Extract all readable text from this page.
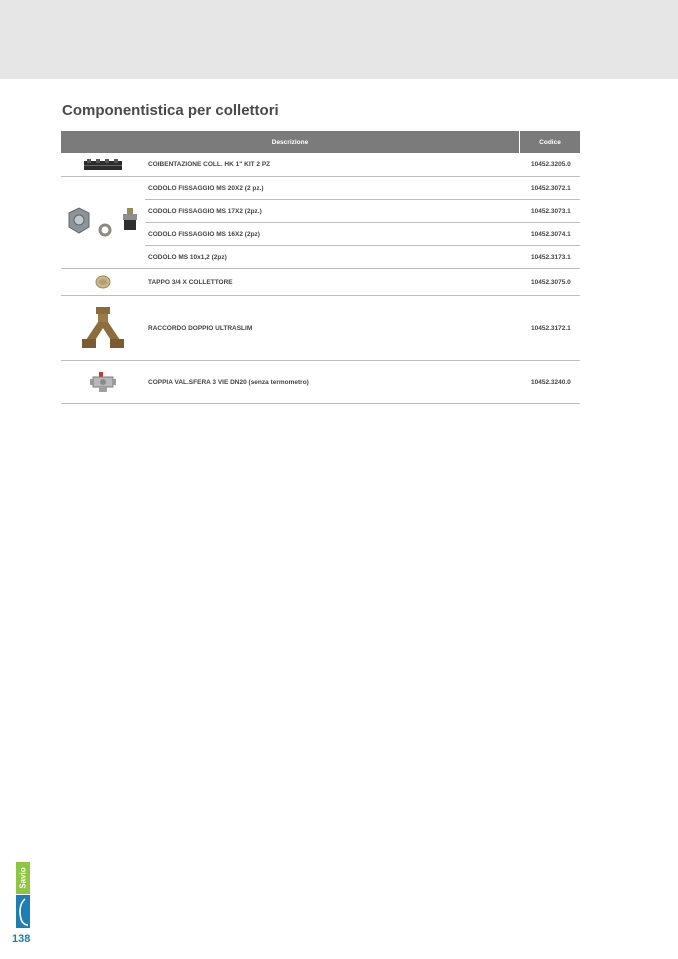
Componentistica per collettori
Descrizione	Codice
COIBENTAZIONE COLL. HK 1" KIT 2 PZ	10452.3205.0
CODOLO FISSAGGIO MS 20X2 (2 pz.)	10452.3072.1
CODOLO FISSAGGIO MS 17X2 (2pz.)	10452.3073.1
CODOLO FISSAGGIO MS 16X2 (2pz)	10452.3074.1
CODOLO MS 10x1,2 (2pz)	10452.3173.1
TAPPO 3/4 X COLLETTORE	10452.3075.0
RACCORDO DOPPIO ULTRASLIM	10452.3172.1
COPPIA VAL.SFERA 3 VIE DN20 (senza termometro)	10452.3240.0
Savio
138
